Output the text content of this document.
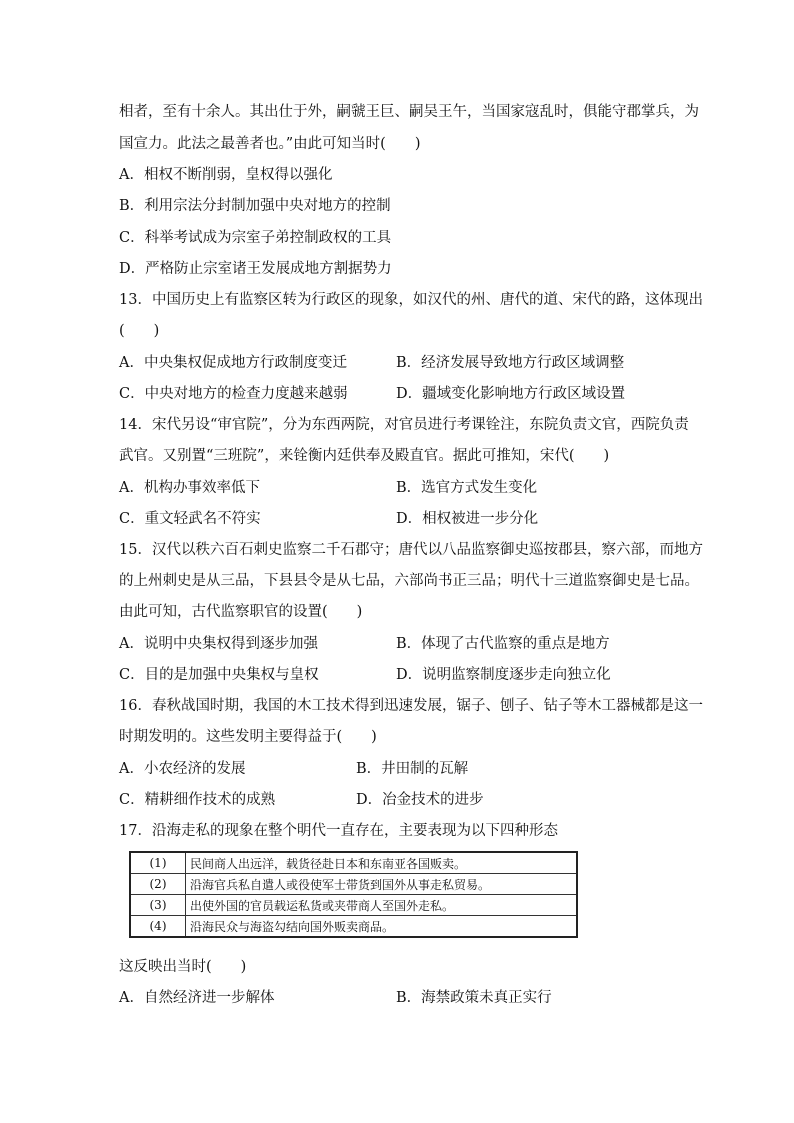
相者，至有十余人。其出仕于外，嗣虢王巨、嗣吴王午，当国家寇乱时，俱能守郡掌兵，为
国宣力。此法之最善者也。”由此可知当时(　　)
A．相权不断削弱，皇权得以强化
B．利用宗法分封制加强中央对地方的控制
C．科举考试成为宗室子弟控制政权的工具
D．严格防止宗室诸王发展成地方割据势力
13．中国历史上有监察区转为行政区的现象，如汉代的州、唐代的道、宋代的路，这体现出
(　　)
A．中央集权促成地方行政制度变迁	B．经济发展导致地方行政区域调整
C．中央对地方的检查力度越来越弱	D．疆域变化影响地方行政区域设置
14．宋代另设“审官院”，分为东西两院，对官员进行考课铨注，东院负责文官，西院负责
武官。又别置“三班院”，来铨衡内廷供奉及殿直官。据此可推知，宋代(　　)
A．机构办事效率低下	B．选官方式发生变化
C．重文轻武名不符实	D．相权被进一步分化
15．汉代以秩六百石刺史监察二千石郡守；唐代以八品监察御史巡按郡县，察六部，而地方
的上州刺史是从三品，下县县令是从七品，六部尚书正三品；明代十三道监察御史是七品。
由此可知，古代监察职官的设置(　　)
A．说明中央集权得到逐步加强	B．体现了古代监察的重点是地方
C．目的是加强中央集权与皇权	D．说明监察制度逐步走向独立化
16．春秋战国时期，我国的木工技术得到迅速发展，锯子、刨子、钻子等木工器械都是这一
时期发明的。这些发明主要得益于(　　)
A．小农经济的发展	B．井田制的瓦解
C．精耕细作技术的成熟	D．冶金技术的进步
17．沿海走私的现象在整个明代一直存在，主要表现为以下四种形态
(1)	民间商人出远洋，载货径赴日本和东南亚各国贩卖。
(2)	沿海官兵私自遣人或役使军士带货到国外从事走私贸易。
(3)	出使外国的官员载运私货或夹带商人至国外走私。
(4)	沿海民众与海盗勾结向国外贩卖商品。
这反映出当时(　　)
A．自然经济进一步解体	B．海禁政策未真正实行
